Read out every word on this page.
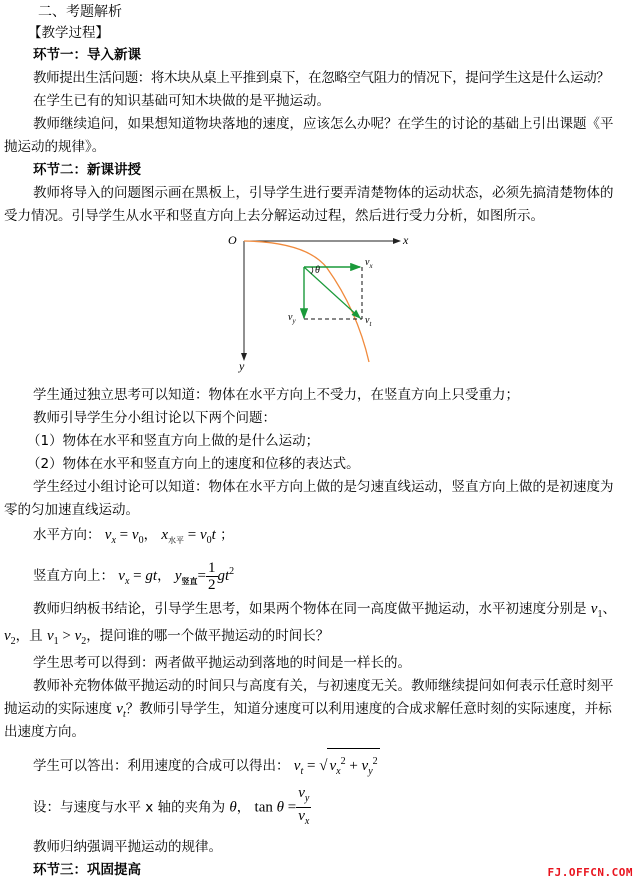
二、考题解析
【教学过程】
环节一：导入新课
教师提出生活问题：将木块从桌上平推到桌下，在忽略空气阻力的情况下，提问学生这是什么运动？
在学生已有的知识基础可知木块做的是平抛运动。
教师继续追问，如果想知道物块落地的速度，应该怎么办呢？在学生的讨论的基础上引出课题《平
抛运动的规律》。
环节二：新课讲授
教师将导入的问题图示画在黑板上，引导学生进行要弄清楚物体的运动状态，必须先搞清楚物体的
受力情况。引导学生从水平和竖直方向上去分解运动过程，然后进行受力分析，如图所示。
O	x
y
θ
$v_x$
$v_y$	$v_t$
学生通过独立思考可以知道：物体在水平方向上不受力，在竖直方向上只受重力；
教师引导学生分小组讨论以下两个问题：
（1）物体在水平和竖直方向上做的是什么运动；
（2）物体在水平和竖直方向上的速度和位移的表达式。
学生经过小组讨论可以知道：物体在水平方向上做的是匀速直线运动，竖直方向上做的是初速度为
零的匀加速直线运动。
水平方向： $v_x = v_0$， $x_{水平} = v_0t$ ；
竖直方向上： $v_x$ = gt， $y_{竖直}= \frac{1}{2} gt^2$
教师归纳板书结论，引导学生思考，如果两个物体在同一高度做平抛运动，水平初速度分别是 $v_1$、
$v_2$，且 $v_1 > v_2$，提问谁的哪一个做平抛运动的时间长？
学生思考可以得到：两者做平抛运动到落地的时间是一样长的。
教师补充物体做平抛运动的时间只与高度有关，与初速度无关。教师继续提问如何表示任意时刻平
抛运动的实际速度 $v_t$？教师引导学生，知道分速度可以利用速度的合成求解任意时刻的实际速度，并标
出速度方向。
学生可以答出：利用速度的合成可以得出： $v_t$ = √ $v_x^2 + v_y^2$
设：与速度与水平 x 轴的夹角为 θ， $\tan \theta = \frac{v_y}{v_x}$
教师归纳强调平抛运动的规律。
环节三：巩固提高	FJ.OFFCN.COM
